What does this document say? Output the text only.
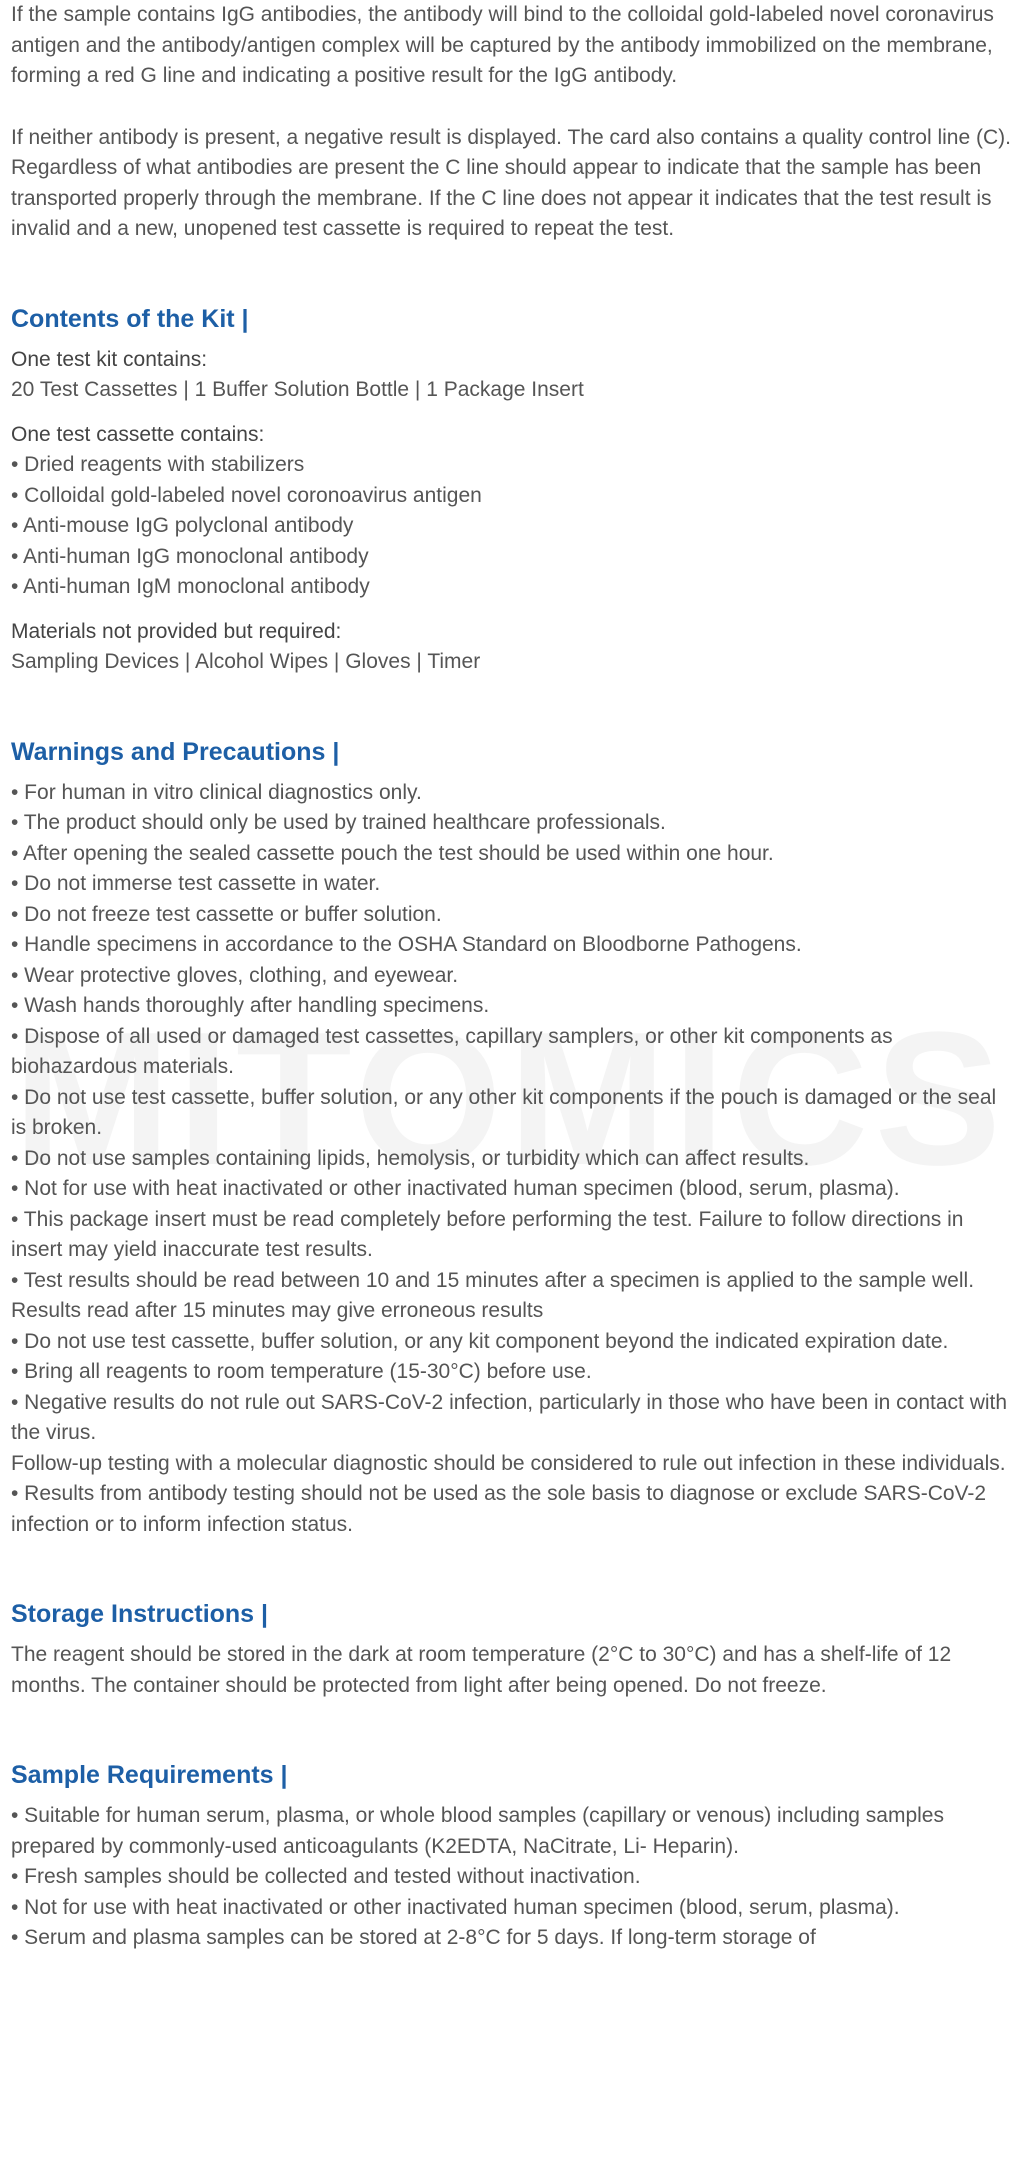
If the sample contains IgG antibodies, the antibody will bind to the colloidal gold-labeled novel coronavirus antigen and the antibody/antigen complex will be captured by the antibody immobilized on the membrane, forming a red G line and indicating a positive result for the IgG antibody.

If neither antibody is present, a negative result is displayed. The card also contains a quality control line (C). Regardless of what antibodies are present the C line should appear to indicate that the sample has been transported properly through the membrane. If the C line does not appear it indicates that the test result is invalid and a new, unopened test cassette is required to repeat the test.

Contents of the Kit |
One test kit contains:

20 Test Cassettes | 1 Buffer Solution Bottle | 1 Package Insert

One test cassette contains:
• Dried reagents with stabilizers
• Colloidal gold-labeled novel coronoavirus antigen
• Anti-mouse IgG polyclonal antibody
• Anti-human IgG monoclonal antibody
• Anti-human IgM monoclonal antibody
Materials not provided but required:

Sampling Devices | Alcohol Wipes | Gloves | Timer

Warnings and Precautions |
• For human in vitro clinical diagnostics only.
• The product should only be used by trained healthcare professionals.
• After opening the sealed cassette pouch the test should be used within one hour.
• Do not immerse test cassette in water.
• Do not freeze test cassette or buffer solution.
• Handle specimens in accordance to the OSHA Standard on Bloodborne Pathogens.
• Wear protective gloves, clothing, and eyewear.
• Wash hands thoroughly after handling specimens.
• Dispose of all used or damaged test cassettes, capillary samplers, or other kit components as biohazardous materials.
• Do not use test cassette, buffer solution, or any other kit components if the pouch is damaged or the seal is broken.
• Do not use samples containing lipids, hemolysis, or turbidity which can affect results.
• Not for use with heat inactivated or other inactivated human specimen (blood, serum, plasma).
• This package insert must be read completely before performing the test. Failure to follow directions in insert may yield inaccurate test results.
• Test results should be read between 10 and 15 minutes after a specimen is applied to the sample well. Results read after 15 minutes may give erroneous results
• Do not use test cassette, buffer solution, or any kit component beyond the indicated expiration date.
• Bring all reagents to room temperature (15-30°C) before use.
• Negative results do not rule out SARS-CoV-2 infection, particularly in those who have been in contact with the virus.
Follow-up testing with a molecular diagnostic should be considered to rule out infection in these individuals.
• Results from antibody testing should not be used as the sole basis to diagnose or exclude SARS-CoV-2 infection or to inform infection status.
Storage Instructions |

The reagent should be stored in the dark at room temperature (2°C to 30°C) and has a shelf-life of 12 months. The container should be protected from light after being opened. Do not freeze.

Sample Requirements |
• Suitable for human serum, plasma, or whole blood samples (capillary or venous) including samples prepared by commonly-used anticoagulants (K2EDTA, NaCitrate, Li- Heparin).
• Fresh samples should be collected and tested without inactivation.
• Not for use with heat inactivated or other inactivated human specimen (blood, serum, plasma).
• Serum and plasma samples can be stored at 2-8°C for 5 days. If long-term storage of
